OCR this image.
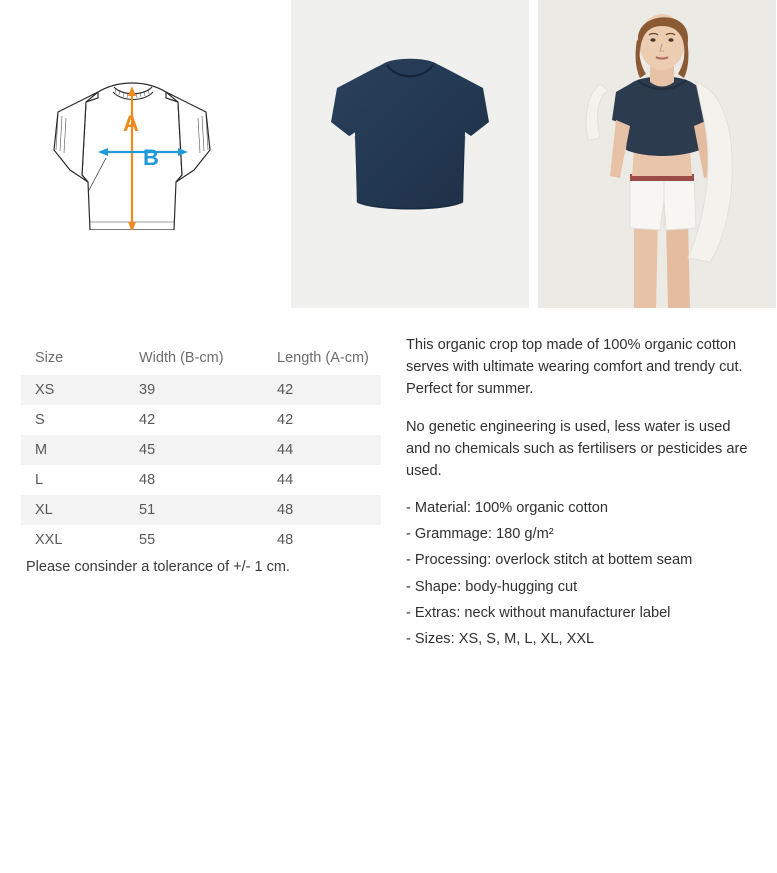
A
B
Size	Width (B-cm)	Length (A-cm)
XS	39	42
S	42	42
M	45	44
L	48	44
XL	51	48
XXL	55	48
Please consinder a tolerance of +/- 1 cm.

This organic crop top made of 100% organic cotton serves with ultimate wearing comfort and trendy cut. Perfect for summer.

No genetic engineering is used, less water is used and no chemicals such as fertilisers or pesticides are used.

- Material: 100% organic cotton
- Grammage: 180 g/m²
- Processing: overlock stitch at bottem seam
- Shape: body-hugging cut
- Extras: neck without manufacturer label
- Sizes: XS, S, M, L, XL, XXL
